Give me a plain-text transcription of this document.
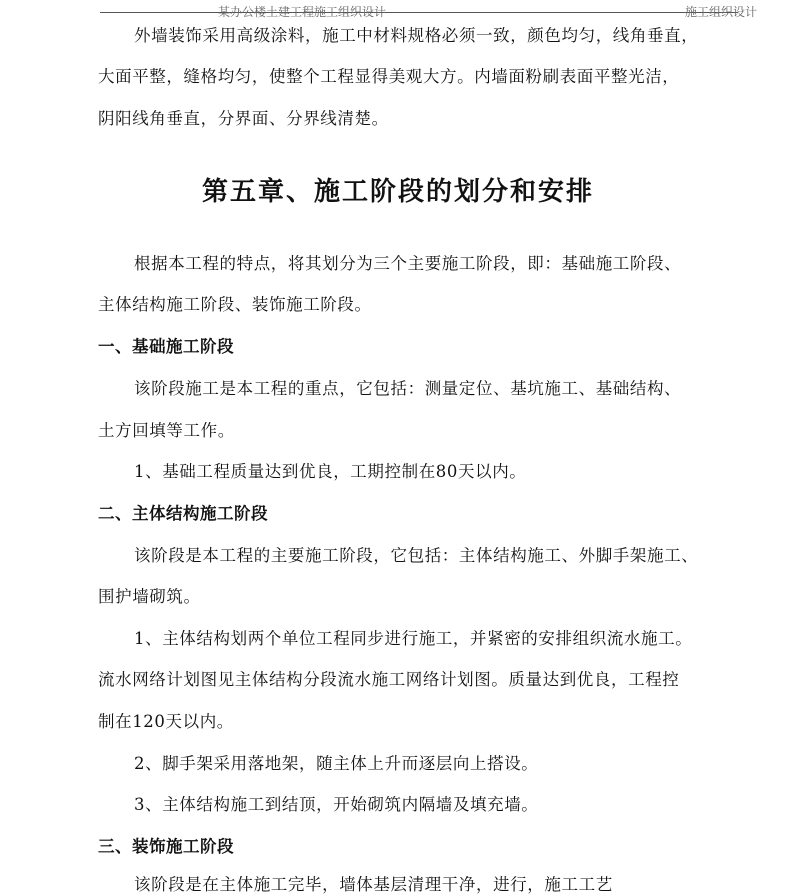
某办公楼土建工程施工组织设计	施工组织设计
外墙装饰采用高级涂料，施工中材料规格必须一致，颜色均匀，线角垂直，
大面平整，缝格均匀，使整个工程显得美观大方。内墙面粉刷表面平整光洁，
阴阳线角垂直，分界面、分界线清楚。
第五章、施工阶段的划分和安排
根据本工程的特点，将其划分为三个主要施工阶段，即：基础施工阶段、
主体结构施工阶段、装饰施工阶段。
一、基础施工阶段
该阶段施工是本工程的重点，它包括：测量定位、基坑施工、基础结构、
土方回填等工作。
1、基础工程质量达到优良，工期控制在80天以内。
二、主体结构施工阶段
该阶段是本工程的主要施工阶段，它包括：主体结构施工、外脚手架施工、
围护墙砌筑。
1、主体结构划两个单位工程同步进行施工，并紧密的安排组织流水施工。
流水网络计划图见主体结构分段流水施工网络计划图。质量达到优良，工程控
制在120天以内。
2、脚手架采用落地架，随主体上升而逐层向上搭设。
3、主体结构施工到结顶，开始砌筑内隔墙及填充墙。
三、装饰施工阶段
该阶段是在主体施工完毕，墙体基层清理干净，进行，施工工艺
